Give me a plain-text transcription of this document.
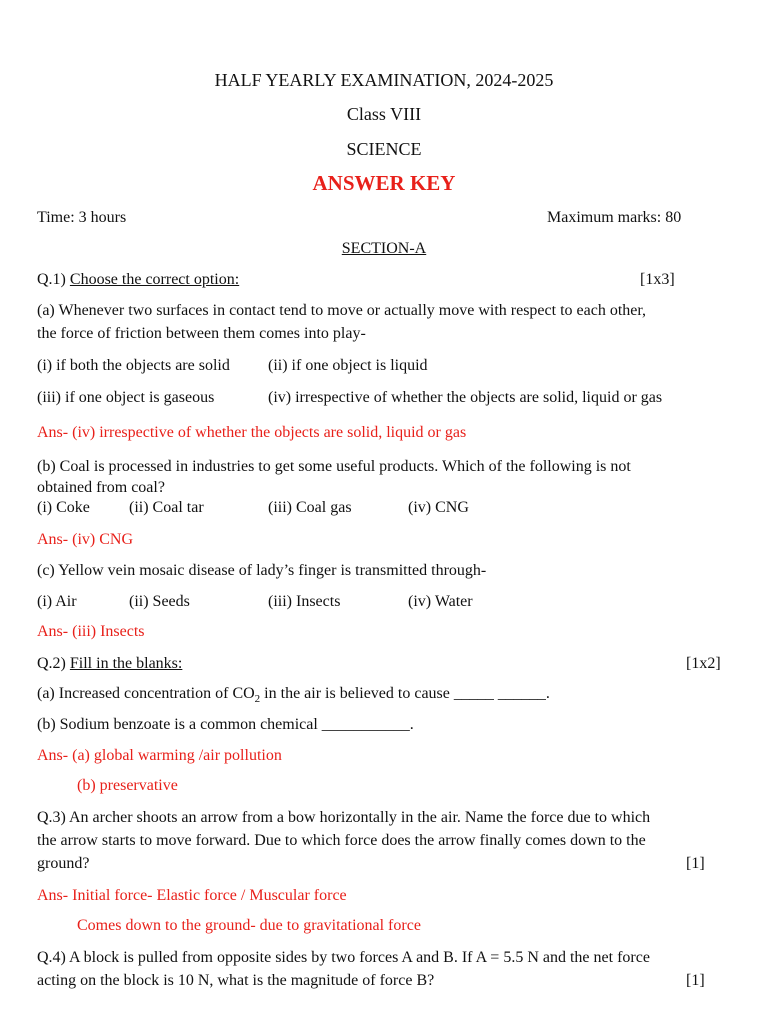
HALF YEARLY EXAMINATION, 2024-2025
Class VIII
SCIENCE
ANSWER KEY
Time: 3 hours	Maximum marks: 80
SECTION-A
Q.1) Choose the correct option:	[1x3]
(a) Whenever two surfaces in contact tend to move or actually move with respect to each other,
the force of friction between them comes into play-
(i) if both the objects are solid (ii) if one object is liquid
(iii) if one object is gaseous	(iv) irrespective of whether the objects are solid, liquid or gas
Ans- (iv) irrespective of whether the objects are solid, liquid or gas
(b) Coal is processed in industries to get some useful products. Which of the following is not
obtained from coal?
(i) Coke (ii) Coal tar	(iii) Coal gas	(iv) CNG
Ans- (iv) CNG
(c) Yellow vein mosaic disease of lady’s finger is transmitted through-
(i) Air	(ii) Seeds	(iii) Insects	(iv) Water
Ans- (iii) Insects
Q.2) Fill in the blanks:	[1x2]
(a) Increased concentration of $CO_2$ in the air is believed to cause _____ ______.
(b) Sodium benzoate is a common chemical ___________.
Ans- (a) global warming /air pollution
(b) preservative
Q.3) An archer shoots an arrow from a bow horizontally in the air. Name the force due to which
the arrow starts to move forward. Due to which force does the arrow finally comes down to the
ground?	[1]
Ans- Initial force- Elastic force / Muscular force
Comes down to the ground- due to gravitational force
Q.4) A block is pulled from opposite sides by two forces A and B. If A = 5.5 N and the net force
acting on the block is 10 N, what is the magnitude of force B?	[1]
